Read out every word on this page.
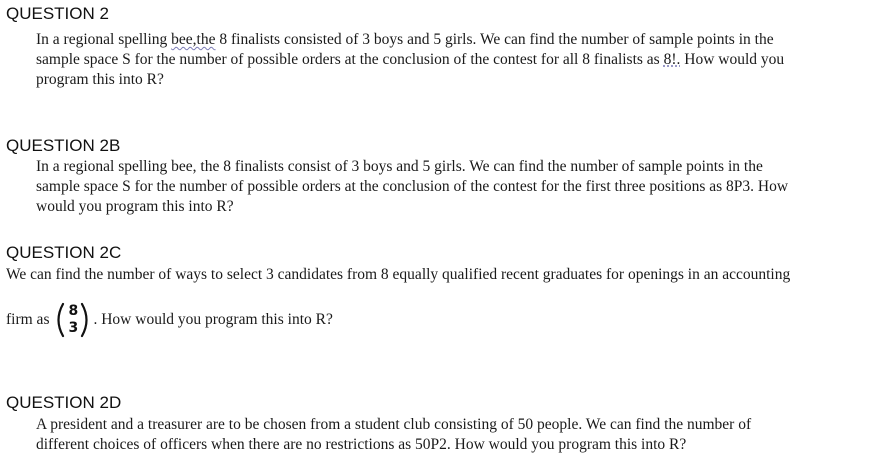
QUESTION 2
In a regional spelling bee,the 8 finalists consisted of 3 boys and 5 girls. We can find the number of sample points in the
sample space S for the number of possible orders at the conclusion of the contest for all 8 finalists as 8!. How would you
program this into R?
QUESTION 2B
In a regional spelling bee, the 8 finalists consist of 3 boys and 5 girls. We can find the number of sample points in the
sample space S for the number of possible orders at the conclusion of the contest for the first three positions as 8P3. How
would you program this into R?
QUESTION 2C
We can find the number of ways to select 3 candidates from 8 equally qualified recent graduates for openings in an accounting
firm as 8
3 . How would you program this into R?
QUESTION 2D
A president and a treasurer are to be chosen from a student club consisting of 50 people. We can find the number of
different choices of officers when there are no restrictions as 50P2. How would you program this into R?
